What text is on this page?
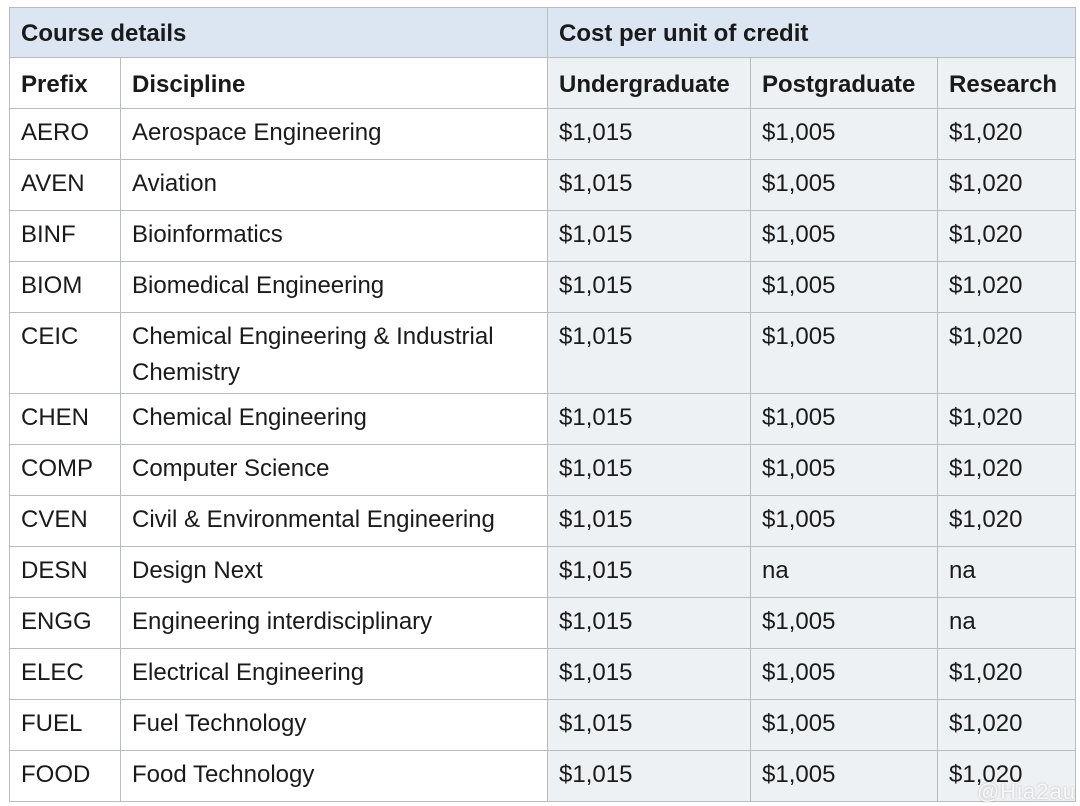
Course details		Cost per unit of credit		
Prefix	Discipline	Undergraduate	Postgraduate	Research
AERO	Aerospace Engineering	$1,015	$1,005	$1,020
AVEN	Aviation	$1,015	$1,005	$1,020
BINF	Bioinformatics	$1,015	$1,005	$1,020
BIOM	Biomedical Engineering	$1,015	$1,005	$1,020
CEIC	Chemical Engineering & Industrial Chemistry	$1,015	$1,005	$1,020
CHEN	Chemical Engineering	$1,015	$1,005	$1,020
COMP	Computer Science	$1,015	$1,005	$1,020
CVEN	Civil & Environmental Engineering	$1,015	$1,005	$1,020
DESN	Design Next	$1,015	na	na
ENGG	Engineering interdisciplinary	$1,015	$1,005	na
ELEC	Electrical Engineering	$1,015	$1,005	$1,020
FUEL	Fuel Technology	$1,015	$1,005	$1,020
FOOD	Food Technology	$1,015	$1,005	$1,020
@Hia2au
